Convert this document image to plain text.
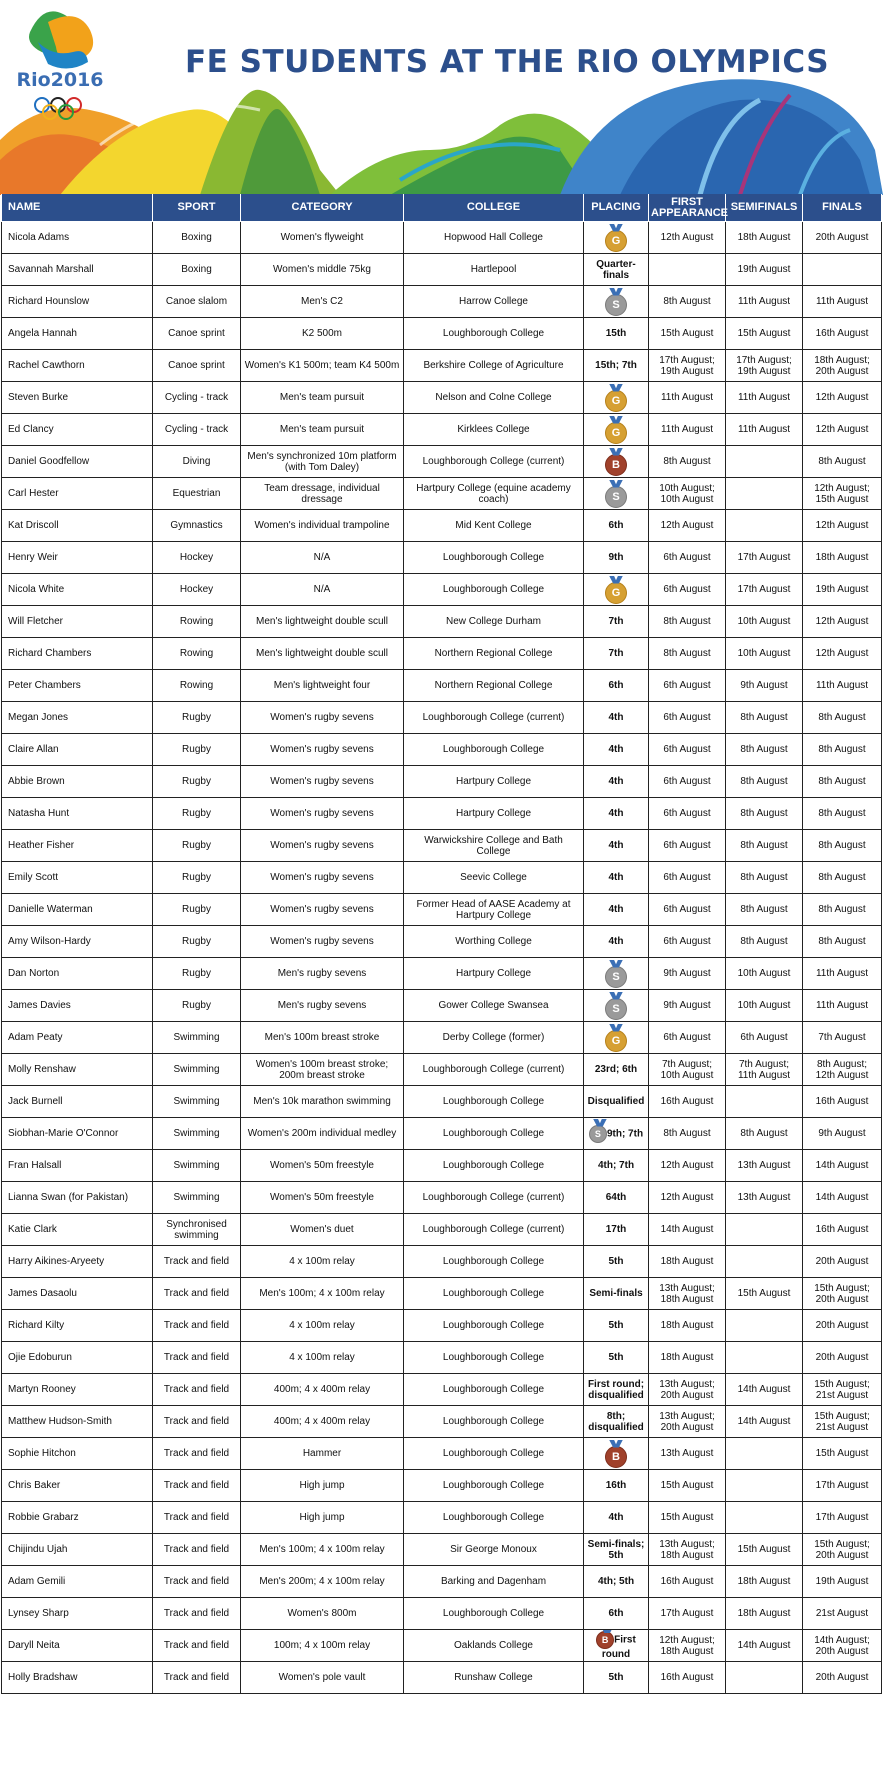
Rio2016	FE STUDENTS AT THE RIO OLYMPICS
NAME	SPORT	CATEGORY	COLLEGE	PLACING	FIRST APPEARANCE	SEMIFINALS	FINALS
Nicola Adams	Boxing	Women's flyweight	Hopwood Hall College	G	12th August	18th August	20th August
Savannah Marshall	Boxing	Women's middle 75kg	Hartlepool	Quarter-finals		19th August	
Richard Hounslow	Canoe slalom	Men's C2	Harrow College	S	8th August	11th August	11th August
Angela Hannah	Canoe sprint	K2 500m	Loughborough College	15th	15th August	15th August	16th August
Rachel Cawthorn	Canoe sprint	Women's K1 500m; team K4 500m	Berkshire College of Agriculture	15th; 7th	17th August; 19th August	17th August; 19th August	18th August; 20th August
Steven Burke	Cycling - track	Men's team pursuit	Nelson and Colne College	G	11th August	11th August	12th August
Ed Clancy	Cycling - track	Men's team pursuit	Kirklees College	G	11th August	11th August	12th August
Daniel Goodfellow	Diving	Men's synchronized 10m platform (with Tom Daley)	Loughborough College (current)	B	8th August		8th August
Carl Hester	Equestrian	Team dressage, individual dressage	Hartpury College (equine academy coach)	S	10th August; 10th August		12th August; 15th August
Kat Driscoll	Gymnastics	Women's individual trampoline	Mid Kent College	6th	12th August		12th August
Henry Weir	Hockey	N/A	Loughborough College	9th	6th August	17th August	18th August
Nicola White	Hockey	N/A	Loughborough College	G	6th August	17th August	19th August
Will Fletcher	Rowing	Men's lightweight double scull	New College Durham	7th	8th August	10th August	12th August
Richard Chambers	Rowing	Men's lightweight double scull	Northern Regional College	7th	8th August	10th August	12th August
Peter Chambers	Rowing	Men's lightweight four	Northern Regional College	6th	6th August	9th August	11th August
Megan Jones	Rugby	Women's rugby sevens	Loughborough College (current)	4th	6th August	8th August	8th August
Claire Allan	Rugby	Women's rugby sevens	Loughborough College	4th	6th August	8th August	8th August
Abbie Brown	Rugby	Women's rugby sevens	Hartpury College	4th	6th August	8th August	8th August
Natasha Hunt	Rugby	Women's rugby sevens	Hartpury College	4th	6th August	8th August	8th August
Heather Fisher	Rugby	Women's rugby sevens	Warwickshire College and Bath College	4th	6th August	8th August	8th August
Emily Scott	Rugby	Women's rugby sevens	Seevic College	4th	6th August	8th August	8th August
Danielle Waterman	Rugby	Women's rugby sevens	Former Head of AASE Academy at Hartpury College	4th	6th August	8th August	8th August
Amy Wilson-Hardy	Rugby	Women's rugby sevens	Worthing College	4th	6th August	8th August	8th August
Dan Norton	Rugby	Men's rugby sevens	Hartpury College	S	9th August	10th August	11th August
James Davies	Rugby	Men's rugby sevens	Gower College Swansea	S	9th August	10th August	11th August
Adam Peaty	Swimming	Men's 100m breast stroke	Derby College (former)	G	6th August	6th August	7th August
Molly Renshaw	Swimming	Women's 100m breast stroke; 200m breast stroke	Loughborough College (current)	23rd; 6th	7th August; 10th August	7th August; 11th August	8th August; 12th August
Jack Burnell	Swimming	Men's 10k marathon swimming	Loughborough College	Disqualified	16th August		16th August
Siobhan-Marie O'Connor	Swimming	Women's 200m individual medley	Loughborough College	S 9th; 7th	8th August	8th August	9th August
Fran Halsall	Swimming	Women's 50m freestyle	Loughborough College	4th; 7th	12th August	13th August	14th August
Lianna Swan (for Pakistan)	Swimming	Women's 50m freestyle	Loughborough College (current)	64th	12th August	13th August	14th August
Katie Clark	Synchronised swimming	Women's duet	Loughborough College (current)	17th	14th August		16th August
Harry Aikines-Aryeety	Track and field	4 x 100m relay	Loughborough College	5th	18th August		20th August
James Dasaolu	Track and field	Men's 100m; 4 x 100m relay	Loughborough College	Semi-finals	13th August; 18th August	15th August	15th August; 20th August
Richard Kilty	Track and field	4 x 100m relay	Loughborough College	5th	18th August		20th August
Ojie Edoburun	Track and field	4 x 100m relay	Loughborough College	5th	18th August		20th August
Martyn Rooney	Track and field	400m; 4 x 400m relay	Loughborough College	First round; disqualified	13th August; 20th August	14th August	15th August; 21st August
Matthew Hudson-Smith	Track and field	400m; 4 x 400m relay	Loughborough College	8th; disqualified	13th August; 20th August	14th August	15th August; 21st August
Sophie Hitchon	Track and field	Hammer	Loughborough College	B	13th August		15th August
Chris Baker	Track and field	High jump	Loughborough College	16th	15th August		17th August
Robbie Grabarz	Track and field	High jump	Loughborough College	4th	15th August		17th August
Chijindu Ujah	Track and field	Men's 100m; 4 x 100m relay	Sir George Monoux	Semi-finals; 5th	13th August; 18th August	15th August	15th August; 20th August
Adam Gemili	Track and field	Men's 200m; 4 x 100m relay	Barking and Dagenham	4th; 5th	16th August	18th August	19th August
Lynsey Sharp	Track and field	Women's 800m	Loughborough College	6th	17th August	18th August	21st August
Daryll Neita	Track and field	100m; 4 x 100m relay	Oaklands College	B First round	12th August; 18th August	14th August	14th August; 20th August
Holly Bradshaw	Track and field	Women's pole vault	Runshaw College	5th	16th August		20th August
